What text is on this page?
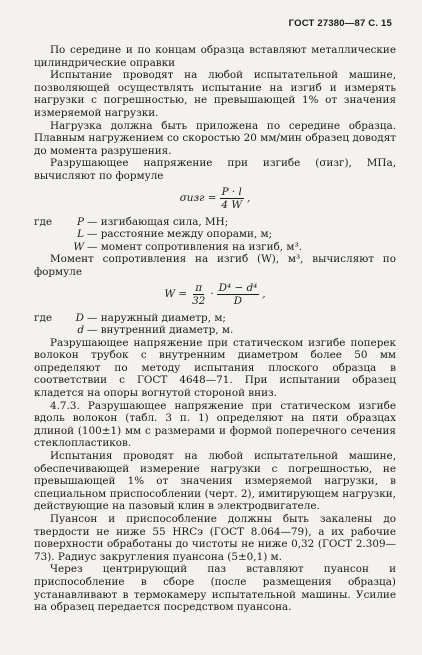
ГОСТ 27380—87 С. 15

По середине и по концам образца вставляют металлические цилиндрические оправки

Испытание проводят на любой испытательной машине, позволяющей осуществлять испытание на изгиб и измерять нагрузки с погрешностью, не превышающей 1% от значения измеряемой нагрузки.

Нагрузка должна быть приложена по середине образца. Плавным нагружением со скоростью 20 мм/мин образец доводят до момента разрушения.

Разрушающее напряжение при изгибе (σизг), МПа, вычисляют по формуле

$\sigma изг = \frac{P \cdot l}{4 W}$ ,
где	P — изгибающая сила, МН;
L — расстояние между опорами, м;
W — момент сопротивления на изгиб, м³.

Момент сопротивления на изгиб (W), м³, вычисляют по формуле

$W = \frac{\pi}{32} \cdot \frac{\text{D⁴ − d⁴}}{D}$ ,
где	D — наружный диаметр, м;
d — внутренний диаметр, м.

Разрушающее напряжение при статическом изгибе поперек волокон трубок с внутренним диаметром более 50 мм определяют по методу испытания плоского образца в соответствии с ГОСТ 4648—71. При испытании образец кладется на опоры вогнутой стороной вниз.

4.7.3. Разрушающее напряжение при статическом изгибе вдоль волокон (табл. 3 п. 1) определяют на пяти образцах длиной (100±1) мм с размерами и формой поперечного сечения стеклопластиков.

Испытания проводят на любой испытательной машине, обеспечивающей измерение нагрузки с погрешностью, не превышающей 1% от значения измеряемой нагрузки, в специальном приспособлении (черт. 2), имитирующем нагрузки, действующие на пазовый клин в электродвигателе.

Пуансон и приспособление должны быть закалены до твердости не ниже 55 HRCэ (ГОСТ 8.064—79), а их рабочие поверхности обработаны до чистоты не ниже 0,32 (ГОСТ 2.309—73). Радиус закругления пуансона (5±0,1) м.

Через центрирующий паз вставляют пуансон и приспособление в сборе (после размещения образца) устанавливают в термокамеру испытательной машины. Усилие на образец передается посредством пуансона.
